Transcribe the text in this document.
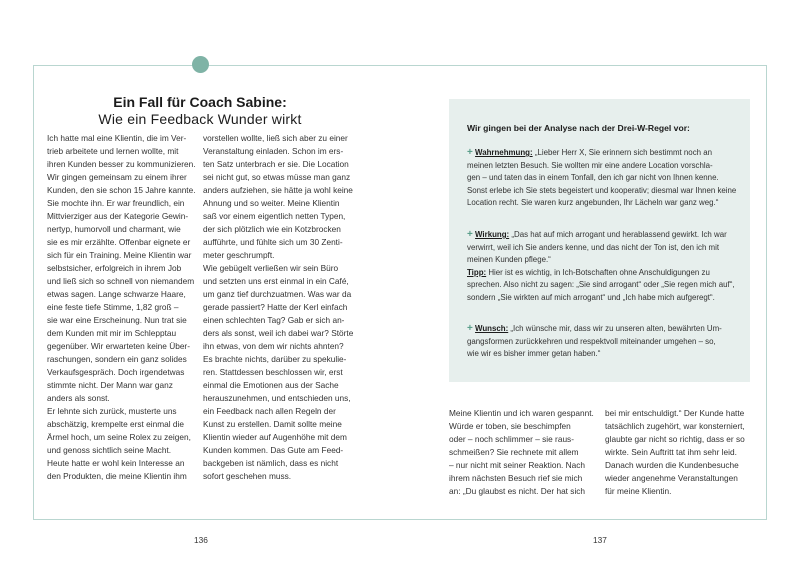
Ein Fall für Coach Sabine:
Wie ein Feedback Wunder wirkt

Ich hatte mal eine Klientin, die im Ver-

trieb arbeitete und lernen wollte, mit

ihren Kunden besser zu kommunizieren.

Wir gingen gemeinsam zu einem ihrer

Kunden, den sie schon 15 Jahre kannte.

Sie mochte ihn. Er war freundlich, ein

Mittvierziger aus der Kategorie Gewin-

nertyp, humorvoll und charmant, wie

sie es mir erzählte. Offenbar eignete er

sich für ein Training. Meine Klientin war

selbstsicher, erfolgreich in ihrem Job

und ließ sich so schnell von niemandem

etwas sagen. Lange schwarze Haare,

eine feste tiefe Stimme, 1,82 groß –

sie war eine Erscheinung. Nun trat sie

dem Kunden mit mir im Schlepptau

gegenüber. Wir erwarteten keine Über-

raschungen, sondern ein ganz solides

Verkaufsgespräch. Doch irgendetwas

stimmte nicht. Der Mann war ganz

anders als sonst.

Er lehnte sich zurück, musterte uns

abschätzig, krempelte erst einmal die

Ärmel hoch, um seine Rolex zu zeigen,

und genoss sichtlich seine Macht.

Heute hatte er wohl kein Interesse an

den Produkten, die meine Klientin ihm

vorstellen wollte, ließ sich aber zu einer

Veranstaltung einladen. Schon im ers-

ten Satz unterbrach er sie. Die Location

sei nicht gut, so etwas müsse man ganz

anders aufziehen, sie hätte ja wohl keine

Ahnung und so weiter. Meine Klientin

saß vor einem eigentlich netten Typen,

der sich plötzlich wie ein Kotzbrocken

aufführte, und fühlte sich um 30 Zenti-

meter geschrumpft.

Wie gebügelt verließen wir sein Büro

und setzten uns erst einmal in ein Café,

um ganz tief durchzuatmen. Was war da

gerade passiert? Hatte der Kerl einfach

einen schlechten Tag? Gab er sich an-

ders als sonst, weil ich dabei war? Störte

ihn etwas, von dem wir nichts ahnten?

Es brachte nichts, darüber zu spekulie-

ren. Stattdessen beschlossen wir, erst

einmal die Emotionen aus der Sache

herauszunehmen, und entschieden uns,

ein Feedback nach allen Regeln der

Kunst zu erstellen. Damit sollte meine

Klientin wieder auf Augenhöhe mit dem

Kunden kommen. Das Gute am Feed-

backgeben ist nämlich, dass es nicht

sofort geschehen muss.

Wir gingen bei der Analyse nach der Drei-W-Regel vor:

+ Wahrnehmung: „Lieber Herr X, Sie erinnern sich bestimmt noch an

meinen letzten Besuch. Sie wollten mir eine andere Location vorschla-

gen – und taten das in einem Tonfall, den ich gar nicht von Ihnen kenne.

Sonst erlebe ich Sie stets begeistert und kooperativ; diesmal war Ihnen keine

Location recht. Sie waren kurz angebunden, Ihr Lächeln war ganz weg.“

+ Wirkung: „Das hat auf mich arrogant und herablassend gewirkt. Ich war

verwirrt, weil ich Sie anders kenne, und das nicht der Ton ist, den ich mit

meinen Kunden pflege.“

Tipp: Hier ist es wichtig, in Ich-Botschaften ohne Anschuldigungen zu

sprechen. Also nicht zu sagen: „Sie sind arrogant“ oder „Sie regen mich auf“,

sondern „Sie wirkten auf mich arrogant“ und „Ich habe mich aufgeregt“.

+ Wunsch: „Ich wünsche mir, dass wir zu unseren alten, bewährten Um-

gangsformen zurückkehren und respektvoll miteinander umgehen – so,

wie wir es bisher immer getan haben.“

Meine Klientin und ich waren gespannt.

Würde er toben, sie beschimpfen

oder – noch schlimmer – sie raus-

schmeißen? Sie rechnete mit allem

– nur nicht mit seiner Reaktion. Nach

ihrem nächsten Besuch rief sie mich

an: „Du glaubst es nicht. Der hat sich

bei mir entschuldigt.“ Der Kunde hatte

tatsächlich zugehört, war konsterniert,

glaubte gar nicht so richtig, dass er so

wirkte. Sein Auftritt tat ihm sehr leid.

Danach wurden die Kundenbesuche

wieder angenehme Veranstaltungen

für meine Klientin.

136	137
